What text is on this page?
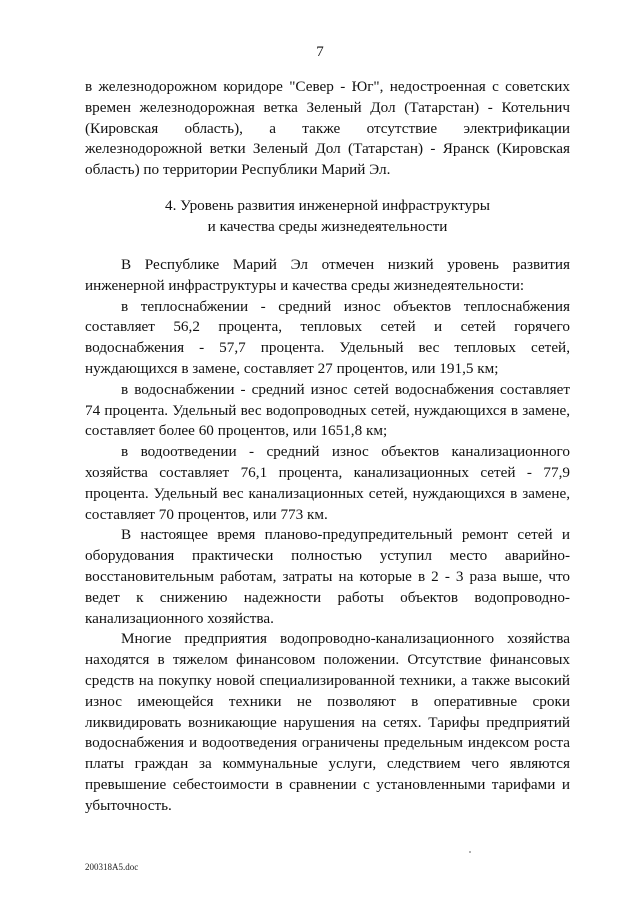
7

в железнодорожном коридоре "Север - Юг", недостроенная с советских времен железнодорожная ветка Зеленый Дол (Татарстан) - Котельнич (Кировская область), а также отсутствие электрификации железнодорожной ветки Зеленый Дол (Татарстан) - Яранск (Кировская область) по территории Республики Марий Эл.

4. Уровень развития инженерной инфраструктуры
и качества среды жизнедеятельности

В Республике Марий Эл отмечен низкий уровень развития инженерной инфраструктуры и качества среды жизнедеятельности:

в теплоснабжении - средний износ объектов теплоснабжения составляет 56,2 процента, тепловых сетей и сетей горячего водоснабжения - 57,7 процента. Удельный вес тепловых сетей, нуждающихся в замене, составляет 27 процентов, или 191,5 км;

в водоснабжении - средний износ сетей водоснабжения составляет 74 процента. Удельный вес водопроводных сетей, нуждающихся в замене, составляет более 60 процентов, или 1651,8 км;

в водоотведении - средний износ объектов канализационного хозяйства составляет 76,1 процента, канализационных сетей - 77,9 процента. Удельный вес канализационных сетей, нуждающихся в замене, составляет 70 процентов, или 773 км.

В настоящее время планово-предупредительный ремонт сетей и оборудования практически полностью уступил место аварийно-восстановительным работам, затраты на которые в 2 - 3 раза выше, что ведет к снижению надежности работы объектов водопроводно-канализационного хозяйства.

Многие предприятия водопроводно-канализационного хозяйства находятся в тяжелом финансовом положении. Отсутствие финансовых средств на покупку новой специализированной техники, а также высокий износ имеющейся техники не позволяют в оперативные сроки ликвидировать возникающие нарушения на сетях. Тарифы предприятий водоснабжения и водоотведения ограничены предельным индексом роста платы граждан за коммунальные услуги, следствием чего являются превышение себестоимости в сравнении с установленными тарифами и убыточность.

200318A5.doc
